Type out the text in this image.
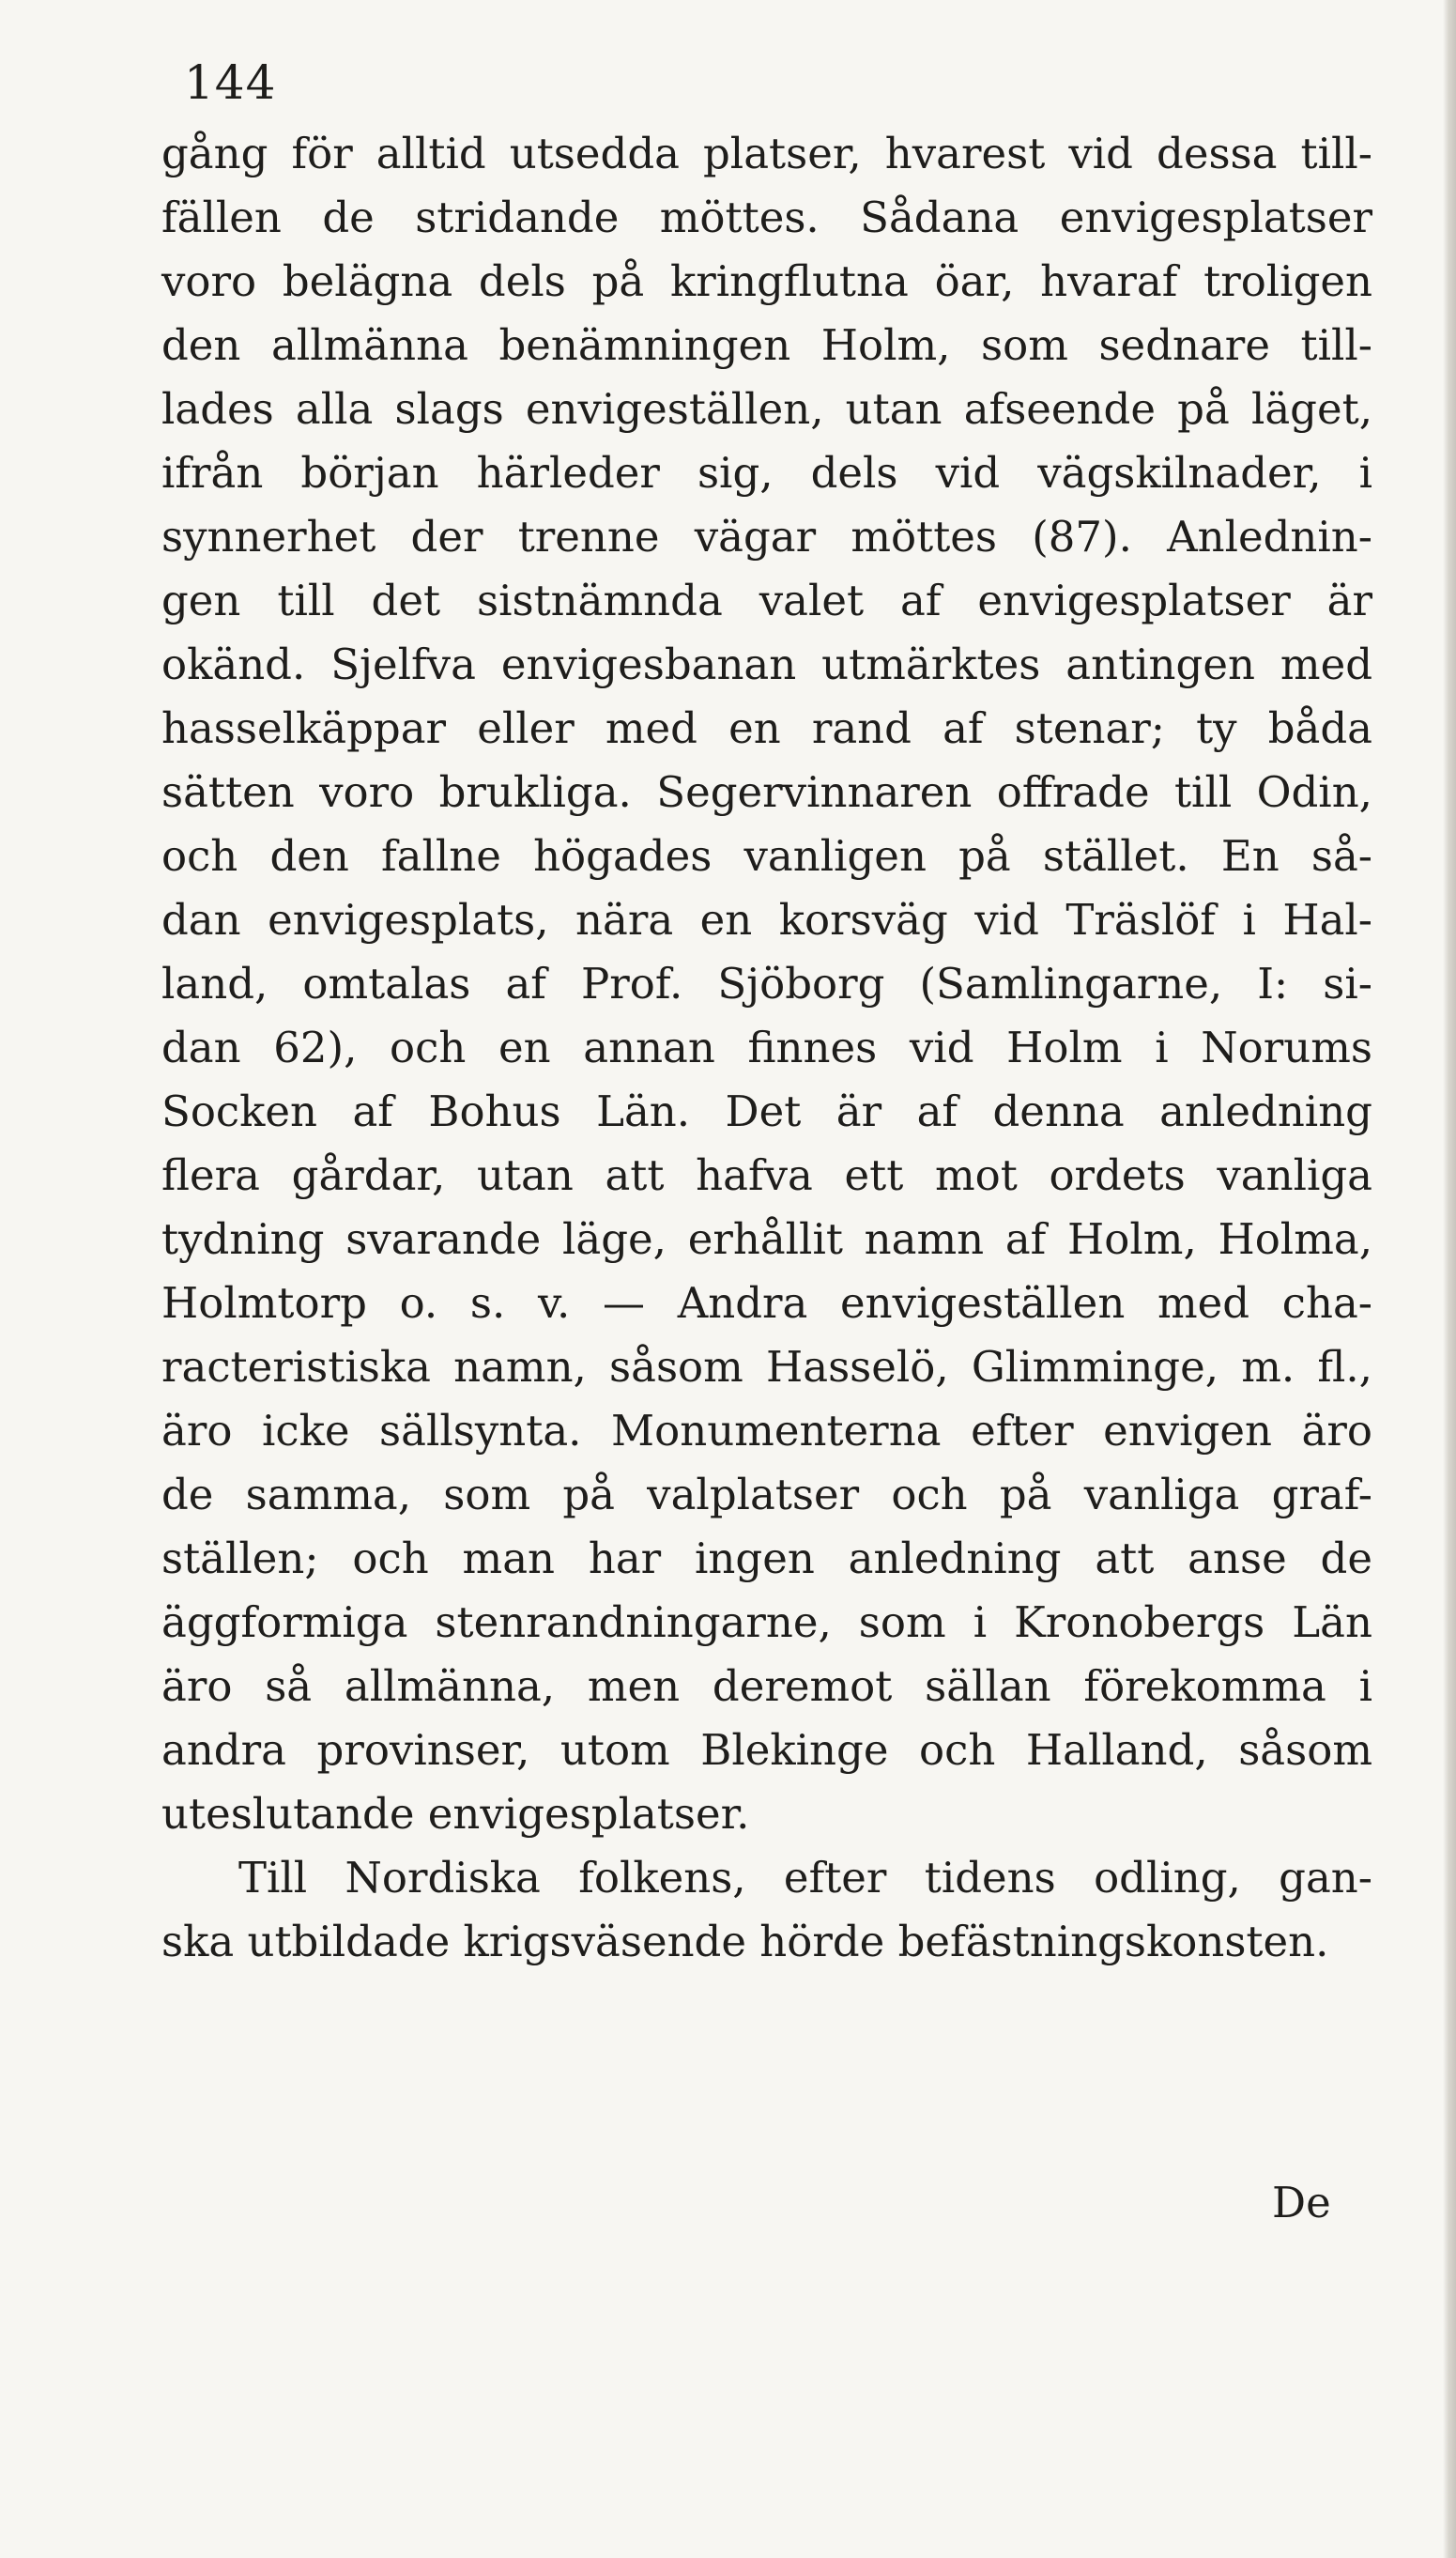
144
gång för alltid utsedda platser, hvarest vid dessa till-
fällen de stridande möttes. Sådana envigesplatser
voro belägna dels på kringflutna öar, hvaraf troligen
den allmänna benämningen Holm, som sednare till-
lades alla slags envigeställen, utan afseende på läget,
ifrån början härleder sig, dels vid vägskilnader, i
synnerhet der trenne vägar möttes (87). Anlednin-
gen till det sistnämnda valet af envigesplatser är
okänd. Sjelfva envigesbanan utmärktes antingen med
hasselkäppar eller med en rand af stenar; ty båda
sätten voro brukliga. Segervinnaren offrade till Odin,
och den fallne högades vanligen på stället. En så-
dan envigesplats, nära en korsväg vid Träslöf i Hal-
land, omtalas af Prof. Sjöborg (Samlingarne, I: si-
dan 62), och en annan finnes vid Holm i Norums
Socken af Bohus Län. Det är af denna anledning
flera gårdar, utan att hafva ett mot ordets vanliga
tydning svarande läge, erhållit namn af Holm, Holma,
Holmtorp o. s. v. — Andra envigeställen med cha-
racteristiska namn, såsom Hasselö, Glimminge, m. fl.,
äro icke sällsynta. Monumenterna efter envigen äro
de samma, som på valplatser och på vanliga graf-
ställen; och man har ingen anledning att anse de
äggformiga stenrandningarne, som i Kronobergs Län
äro så allmänna, men deremot sällan förekomma i
andra provinser, utom Blekinge och Halland, såsom
uteslutande envigesplatser.
Till Nordiska folkens, efter tidens odling, gan-
ska utbildade krigsväsende hörde befästningskonsten.
De
